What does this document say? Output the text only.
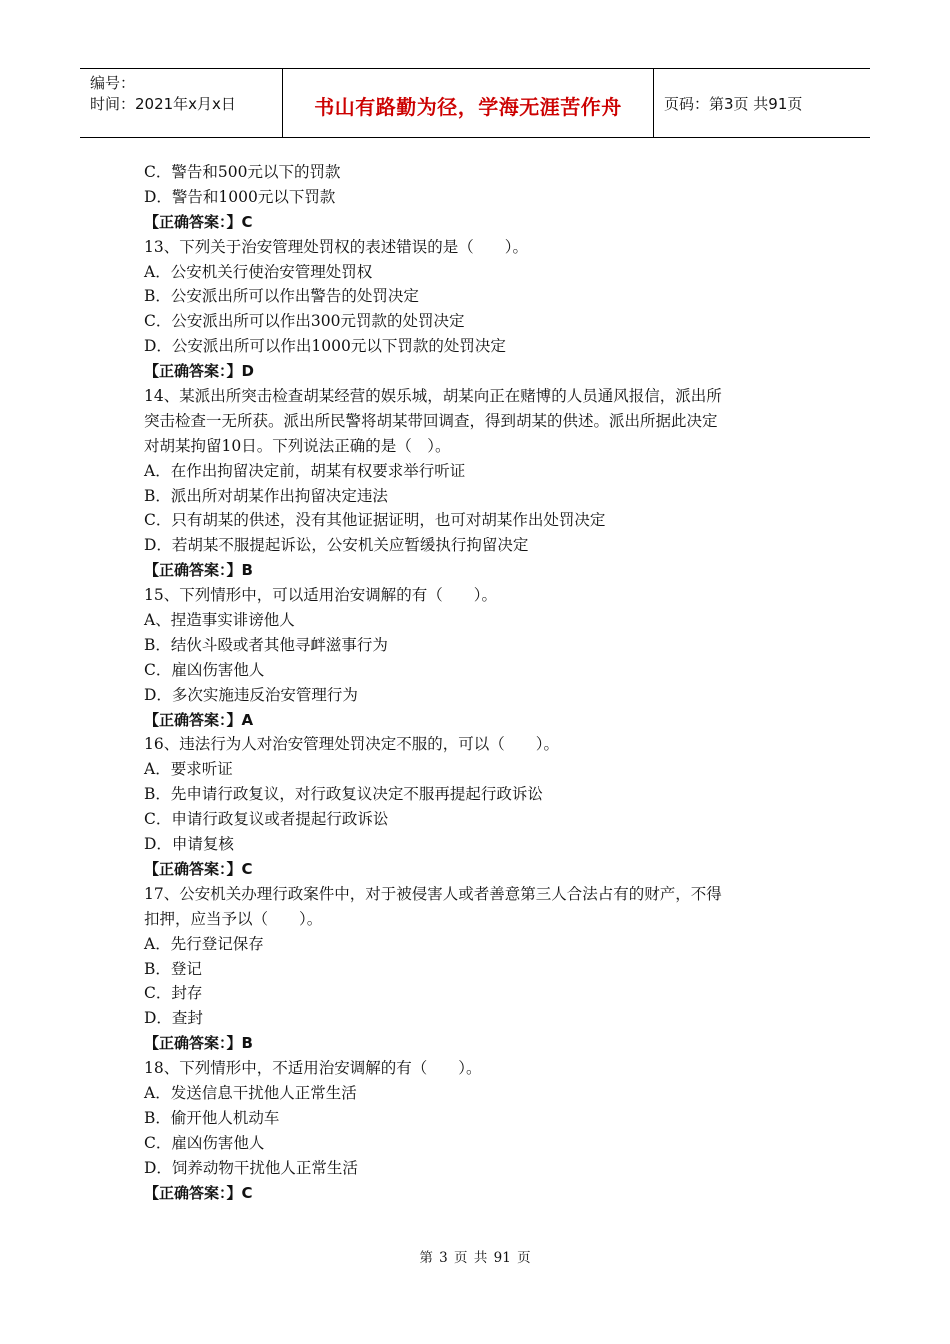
编号：
时间：2021年x月x日	书山有路勤为径，学海无涯苦作舟	页码：第3页 共91页
C．警告和500元以下的罚款
D．警告和1000元以下罚款
【正确答案：】C
13、下列关于治安管理处罚权的表述错误的是（　　）。
A．公安机关行使治安管理处罚权
B．公安派出所可以作出警告的处罚决定
C．公安派出所可以作出300元罚款的处罚决定
D．公安派出所可以作出1000元以下罚款的处罚决定
【正确答案：】D
14、某派出所突击检查胡某经营的娱乐城，胡某向正在赌博的人员通风报信，派出所
突击检查一无所获。派出所民警将胡某带回调查，得到胡某的供述。派出所据此决定
对胡某拘留10日。下列说法正确的是（　）。
A．在作出拘留决定前，胡某有权要求举行听证
B．派出所对胡某作出拘留决定违法
C．只有胡某的供述，没有其他证据证明，也可对胡某作出处罚决定
D．若胡某不服提起诉讼，公安机关应暂缓执行拘留决定
【正确答案：】B
15、下列情形中，可以适用治安调解的有（　　）。
A、捏造事实诽谤他人
B．结伙斗殴或者其他寻衅滋事行为
C．雇凶伤害他人
D．多次实施违反治安管理行为
【正确答案：】A
16、违法行为人对治安管理处罚决定不服的，可以（　　）。
A．要求听证
B．先申请行政复议，对行政复议决定不服再提起行政诉讼
C．申请行政复议或者提起行政诉讼
D．申请复核
【正确答案：】C
17、公安机关办理行政案件中，对于被侵害人或者善意第三人合法占有的财产，不得
扣押，应当予以（　　）。
A．先行登记保存
B．登记
C．封存
D．查封
【正确答案：】B
18、下列情形中，不适用治安调解的有（　　）。
A．发送信息干扰他人正常生活
B．偷开他人机动车
C．雇凶伤害他人
D．饲养动物干扰他人正常生活
【正确答案：】C
第 3 页 共 91 页
